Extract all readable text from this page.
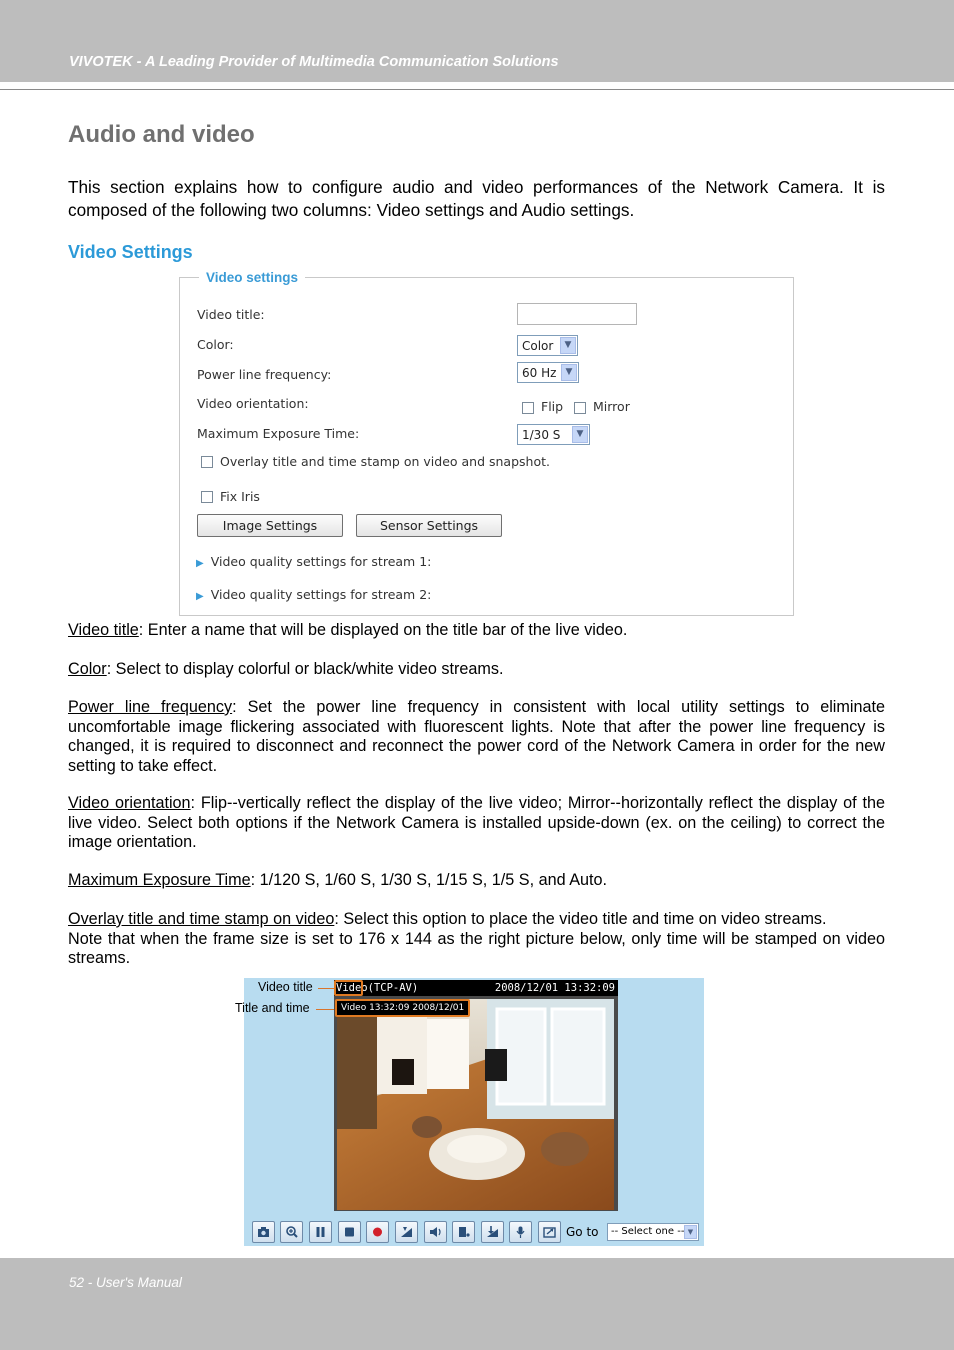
VIVOTEK - A Leading Provider of Multimedia Communication Solutions
Audio and video
This section explains how to configure audio and video performances of the Network Camera. It is composed of the following two columns: Video settings and Audio settings.
Video Settings
Video settings
Video title:
Color:	Color	▼
Power line frequency:	60 Hz	▼
Video orientation:	Flip Mirror
Maximum Exposure Time:	1/30 S	▼
Overlay title and time stamp on video and snapshot.
Fix Iris
Image Settings	Sensor Settings
▶ Video quality settings for stream 1:
▶ Video quality settings for stream 2:
Video title: Enter a name that will be displayed on the title bar of the live video.
Color: Select to display colorful or black/white video streams.
Power line frequency: Set the power line frequency in consistent with local utility settings to eliminate uncomfortable image flickering associated with fluorescent lights. Note that after the power line frequency is changed, it is required to disconnect and reconnect the power cord of the Network Camera in order for the new setting to take effect.
Video orientation: Flip--vertically reflect the display of the live video; Mirror--horizontally reflect the display of the live video. Select both options if the Network Camera is installed upside-down (ex. on the ceiling) to correct the image orientation.
Maximum Exposure Time: 1/120 S, 1/60 S, 1/30 S, 1/15 S, 1/5 S, and Auto.
Overlay title and time stamp on video: Select this option to place the video title and time on video streams.
Note that when the frame size is set to 176 x 144 as the right picture below, only time will be stamped on video streams.
Video title
Title and time
Video(TCP-AV)	2008/12/01 13:32:09
Video 13:32:09 2008/12/01
Go to -- Select one -- ▼
52 - User's Manual
